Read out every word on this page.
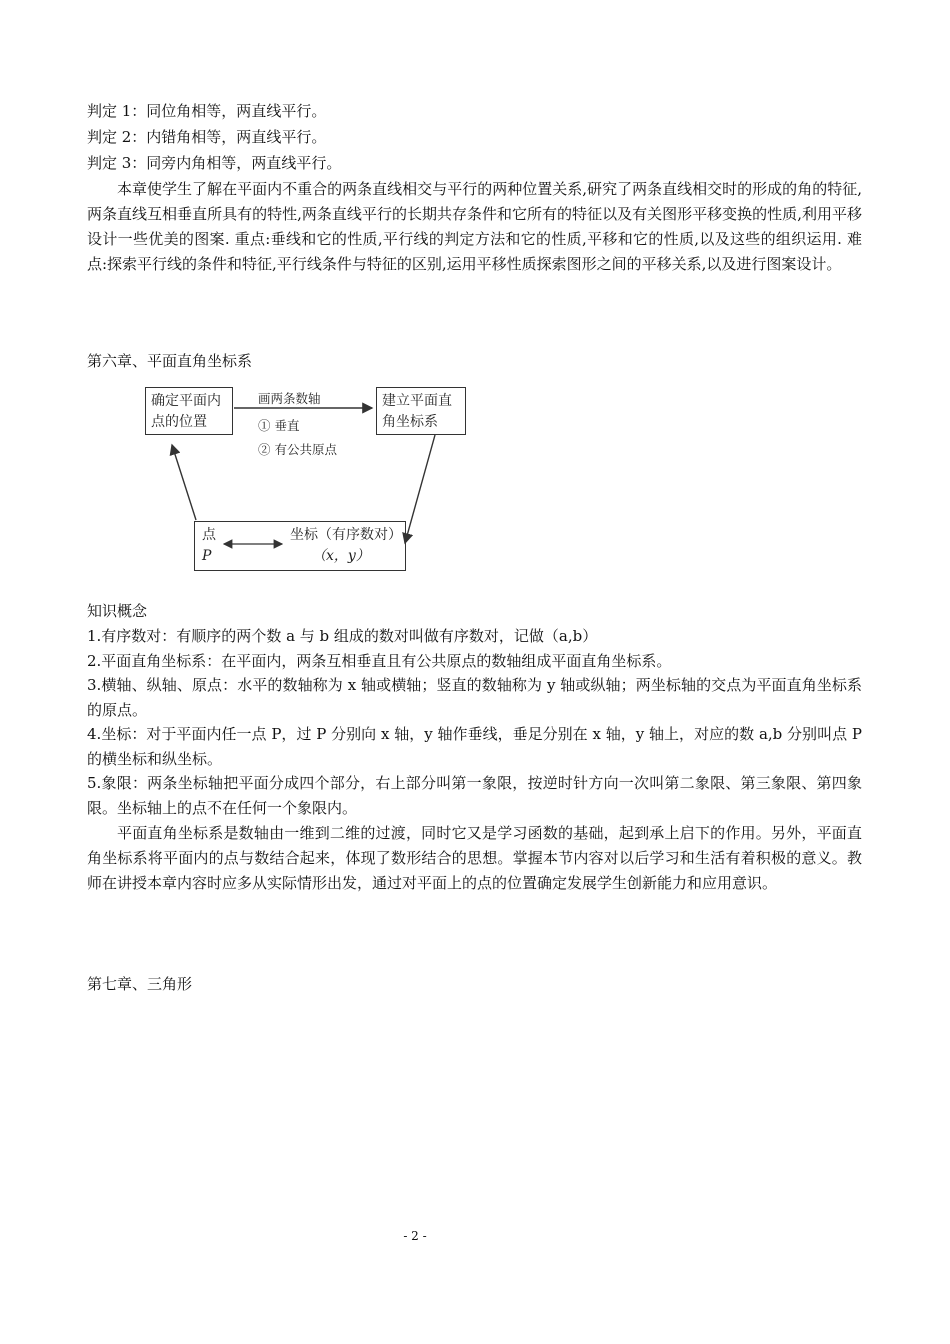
判定 1：同位角相等，两直线平行。
判定 2：内错角相等，两直线平行。
判定 3：同旁内角相等，两直线平行。
本章使学生了解在平面内不重合的两条直线相交与平行的两种位置关系,研究了两条直线相交时的形成的角的特征,两条直线互相垂直所具有的特性,两条直线平行的长期共存条件和它所有的特征以及有关图形平移变换的性质,利用平移设计一些优美的图案. 重点:垂线和它的性质,平行线的判定方法和它的性质,平移和它的性质,以及这些的组织运用. 难点:探索平行线的条件和特征,平行线条件与特征的区别,运用平移性质探索图形之间的平移关系,以及进行图案设计。
第六章、平面直角坐标系
确定平面内
点的位置
建立平面直
角坐标系
画两条数轴
① 垂直
② 有公共原点
点
P
坐标（有序数对）
（x，y）
知识概念
1.有序数对：有顺序的两个数 a 与 b 组成的数对叫做有序数对，记做（a,b）
2.平面直角坐标系：在平面内，两条互相垂直且有公共原点的数轴组成平面直角坐标系。
3.横轴、纵轴、原点：水平的数轴称为 x 轴或横轴；竖直的数轴称为 y 轴或纵轴；两坐标轴的交点为平面直角坐标系的原点。
4.坐标：对于平面内任一点 P，过 P 分别向 x 轴，y 轴作垂线，垂足分别在 x 轴，y 轴上，对应的数 a,b 分别叫点 P 的横坐标和纵坐标。
5.象限：两条坐标轴把平面分成四个部分，右上部分叫第一象限，按逆时针方向一次叫第二象限、第三象限、第四象限。坐标轴上的点不在任何一个象限内。
平面直角坐标系是数轴由一维到二维的过渡，同时它又是学习函数的基础，起到承上启下的作用。另外，平面直角坐标系将平面内的点与数结合起来，体现了数形结合的思想。掌握本节内容对以后学习和生活有着积极的意义。教师在讲授本章内容时应多从实际情形出发，通过对平面上的点的位置确定发展学生创新能力和应用意识。
第七章、三角形
- 2 -
